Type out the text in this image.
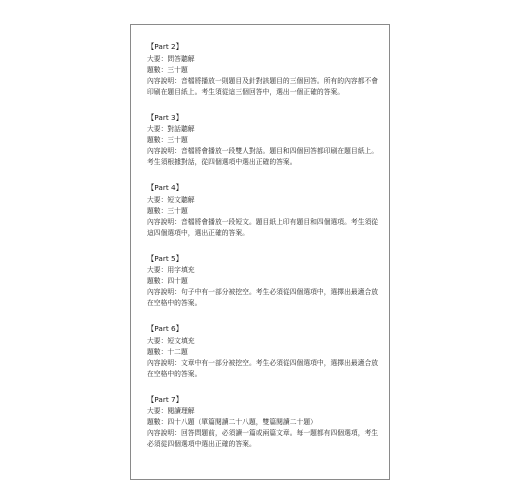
【Part 2】
大要：問答聽解
題數：三十題
內容說明：音檔將播放一則題目及針對該題目的三個回答。所有的內容都不會印刷在題目紙上。考生須從這三個回答中，選出一個正確的答案。
【Part 3】
大要：對話聽解
題數：三十題
內容說明：音檔將會播放一段雙人對話。題目和四個回答都印刷在題目紙上。考生須根據對話，從四個選項中選出正確的答案。
【Part 4】
大要：短文聽解
題數：三十題
內容說明：音檔將會播放一段短文。題目紙上印有題目和四個選項。考生須從這四個選項中，選出正確的答案。
【Part 5】
大要：用字填充
題數：四十題
內容說明：句子中有一部分被挖空。考生必須從四個選項中，選擇出最適合放在空格中的答案。
【Part 6】
大要：短文填充
題數：十二題
內容說明：文章中有一部分被挖空。考生必須從四個選項中，選擇出最適合放在空格中的答案。
【Part 7】
大要：閱讀理解
題數：四十八題（單篇閱讀二十八題，雙篇閱讀二十題）
內容說明：回答問題前，必須讀一篇或兩篇文章。每一題都有四個選項，考生必須從四個選項中選出正確的答案。
